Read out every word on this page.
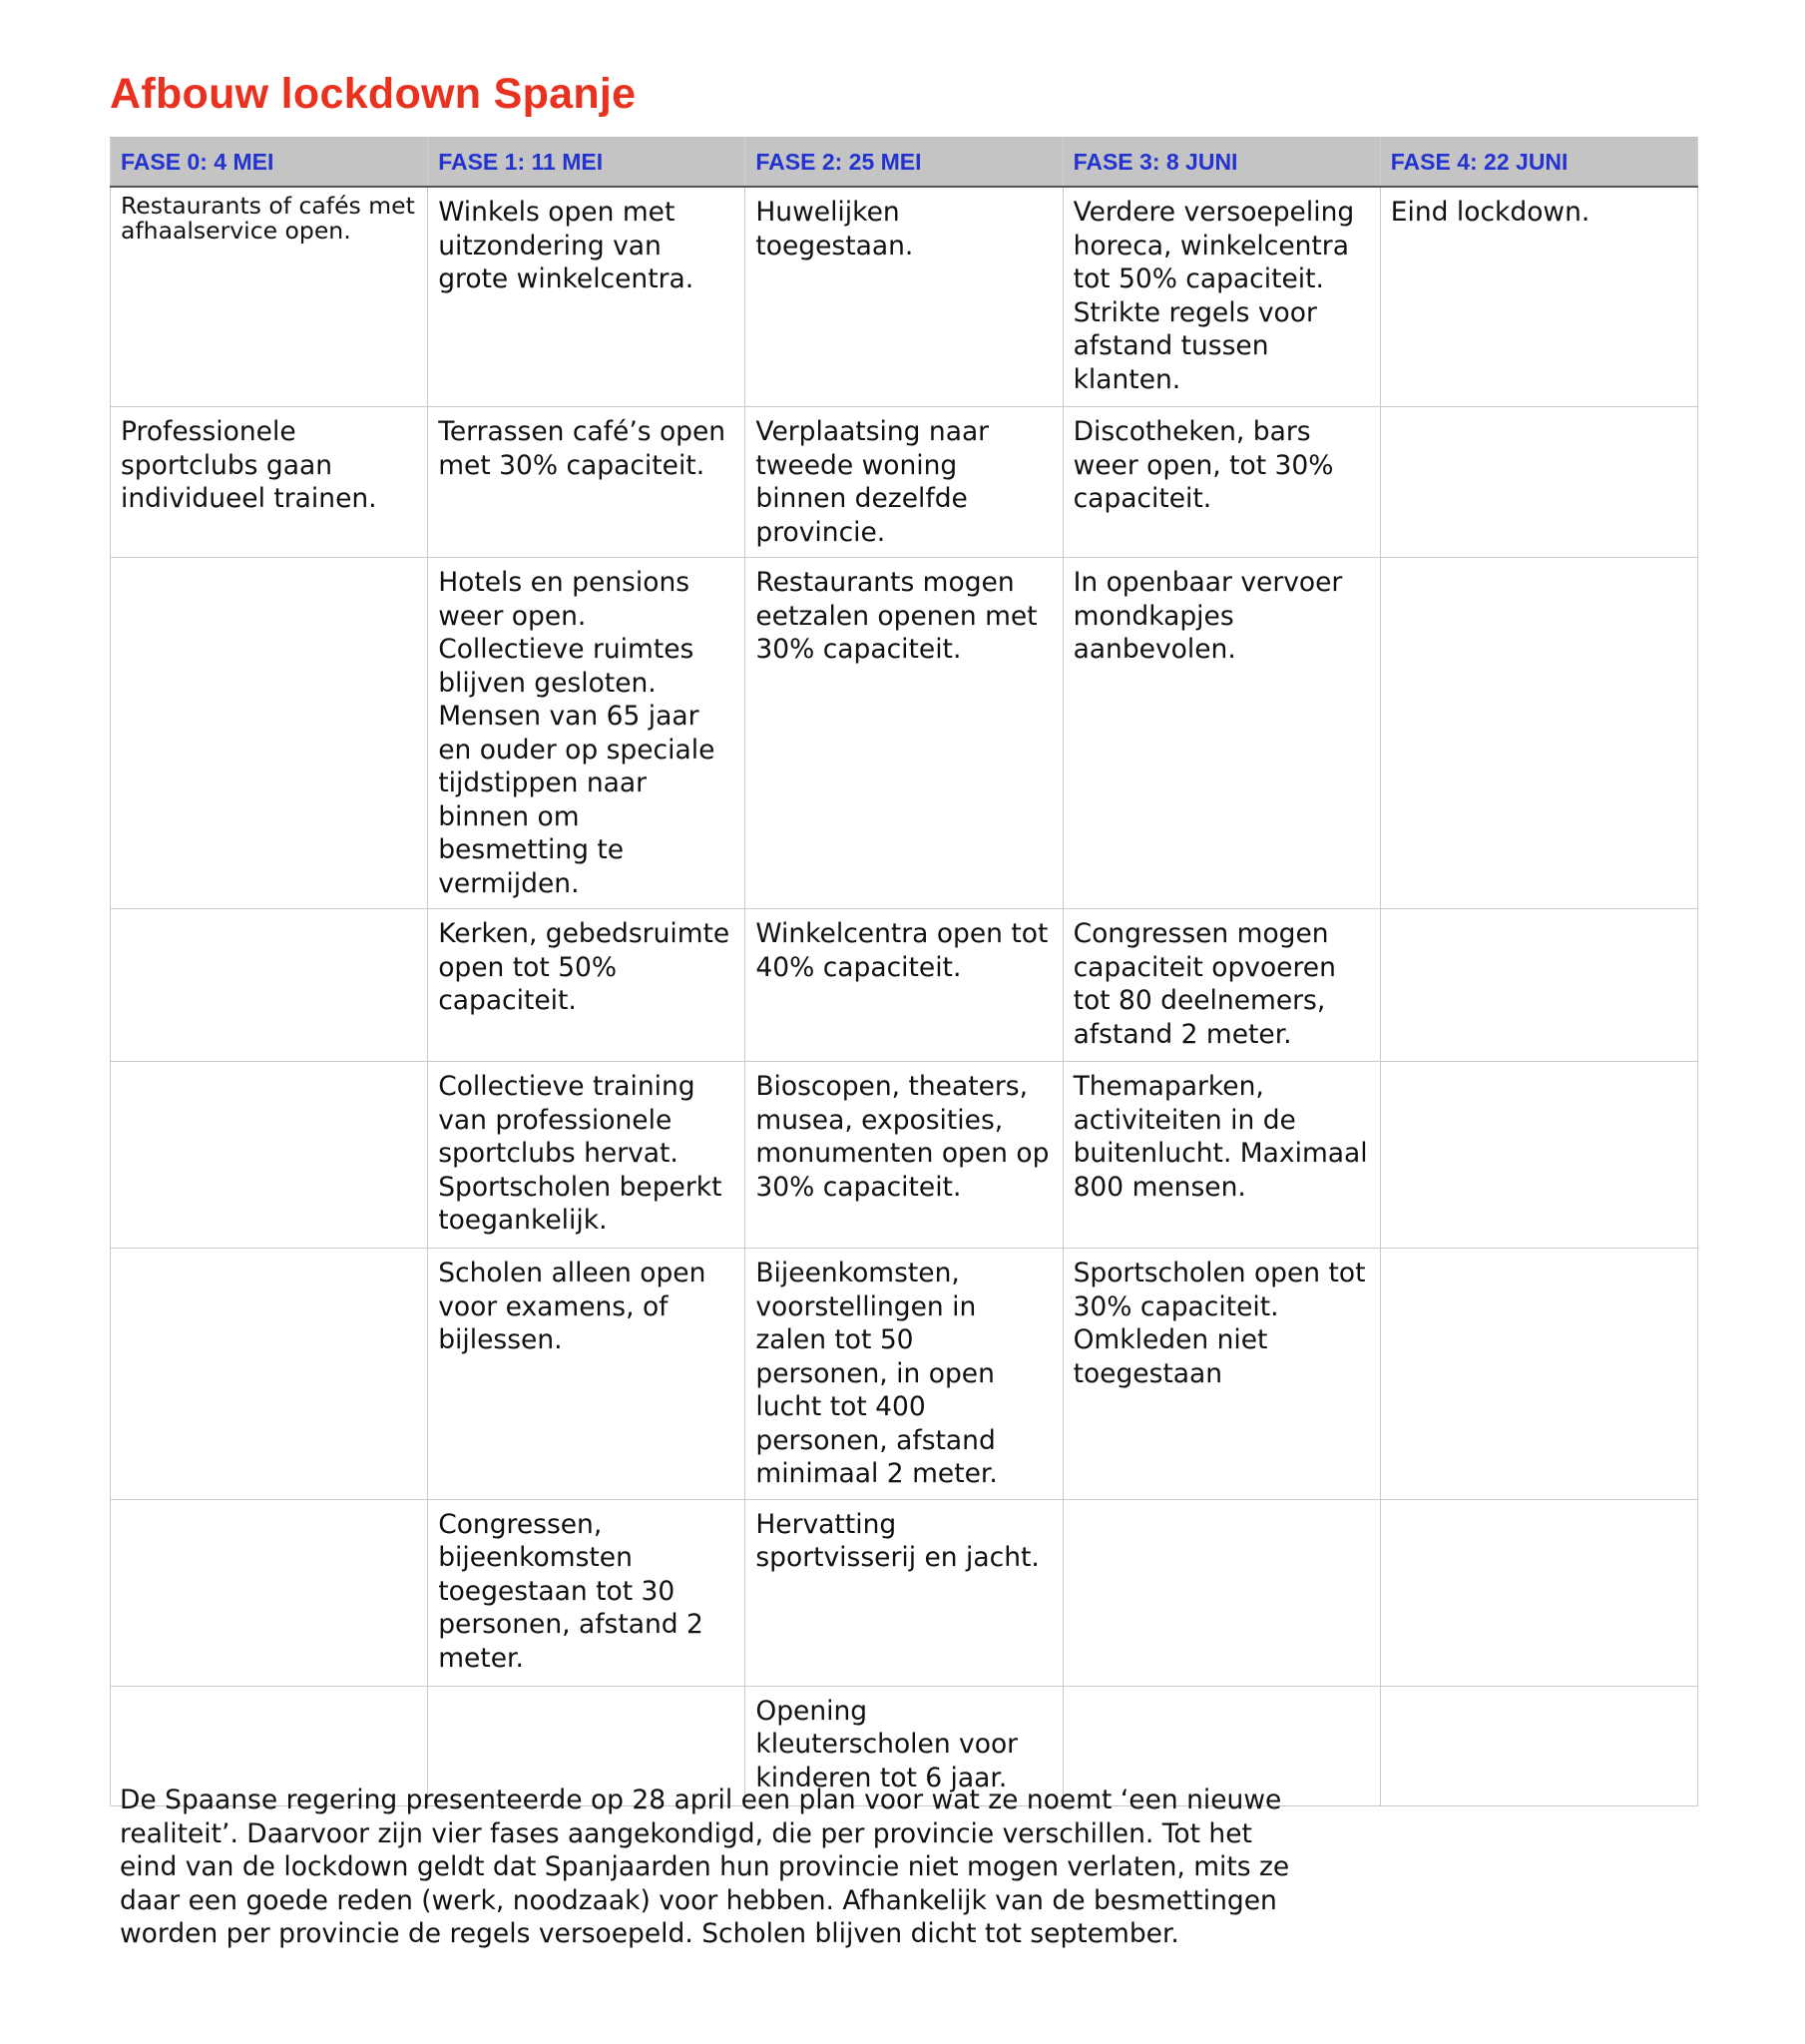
Afbouw lockdown Spanje
FASE 0: 4 MEI	FASE 1: 11 MEI	FASE 2: 25 MEI	FASE 3: 8 JUNI	FASE 4: 22 JUNI
Restaurants of cafés met afhaalservice open.	Winkels open met uitzondering van grote winkelcentra.	Huwelijken toegestaan.	Verdere versoepeling horeca, winkelcentra tot 50% capaciteit. Strikte regels voor afstand tussen klanten.	Eind lockdown.
Professionele sportclubs gaan individueel trainen.	Terrassen café’s open met 30% capaciteit.	Verplaatsing naar tweede woning binnen dezelfde provincie.	Discotheken, bars weer open, tot 30% capaciteit.	
	Hotels en pensions weer open. Collectieve ruimtes blijven gesloten. Mensen van 65 jaar en ouder op speciale tijdstippen naar binnen om besmetting te vermijden.	Restaurants mogen eetzalen openen met 30% capaciteit.	In openbaar vervoer mondkapjes aanbevolen.	
	Kerken, gebedsruimte open tot 50% capaciteit.	Winkelcentra open tot 40% capaciteit.	Congressen mogen capaciteit opvoeren tot 80 deelnemers, afstand 2 meter.	
	Collectieve training van professionele sportclubs hervat. Sportscholen beperkt toegankelijk.	Bioscopen, theaters, musea, exposities, monumenten open op 30% capaciteit.	Themaparken, activiteiten in de buitenlucht. Maximaal 800 mensen.	
	Scholen alleen open voor examens, of bijlessen.	Bijeenkomsten, voorstellingen in zalen tot 50 personen, in open lucht tot 400 personen, afstand minimaal 2 meter.	Sportscholen open tot 30% capaciteit. Omkleden niet toegestaan	
	Congressen, bijeenkomsten toegestaan tot 30 personen, afstand 2 meter.	Hervatting sportvisserij en jacht.		
		Opening kleuterscholen voor kinderen tot 6 jaar.		

De Spaanse regering presenteerde op 28 april een plan voor wat ze noemt ‘een nieuwe realiteit’. Daarvoor zijn vier fases aangekondigd, die per provincie verschillen. Tot het eind van de lockdown geldt dat Spanjaarden hun provincie niet mogen verlaten, mits ze daar een goede reden (werk, noodzaak) voor hebben. Afhankelijk van de besmettingen worden per provincie de regels versoepeld. Scholen blijven dicht tot september.
